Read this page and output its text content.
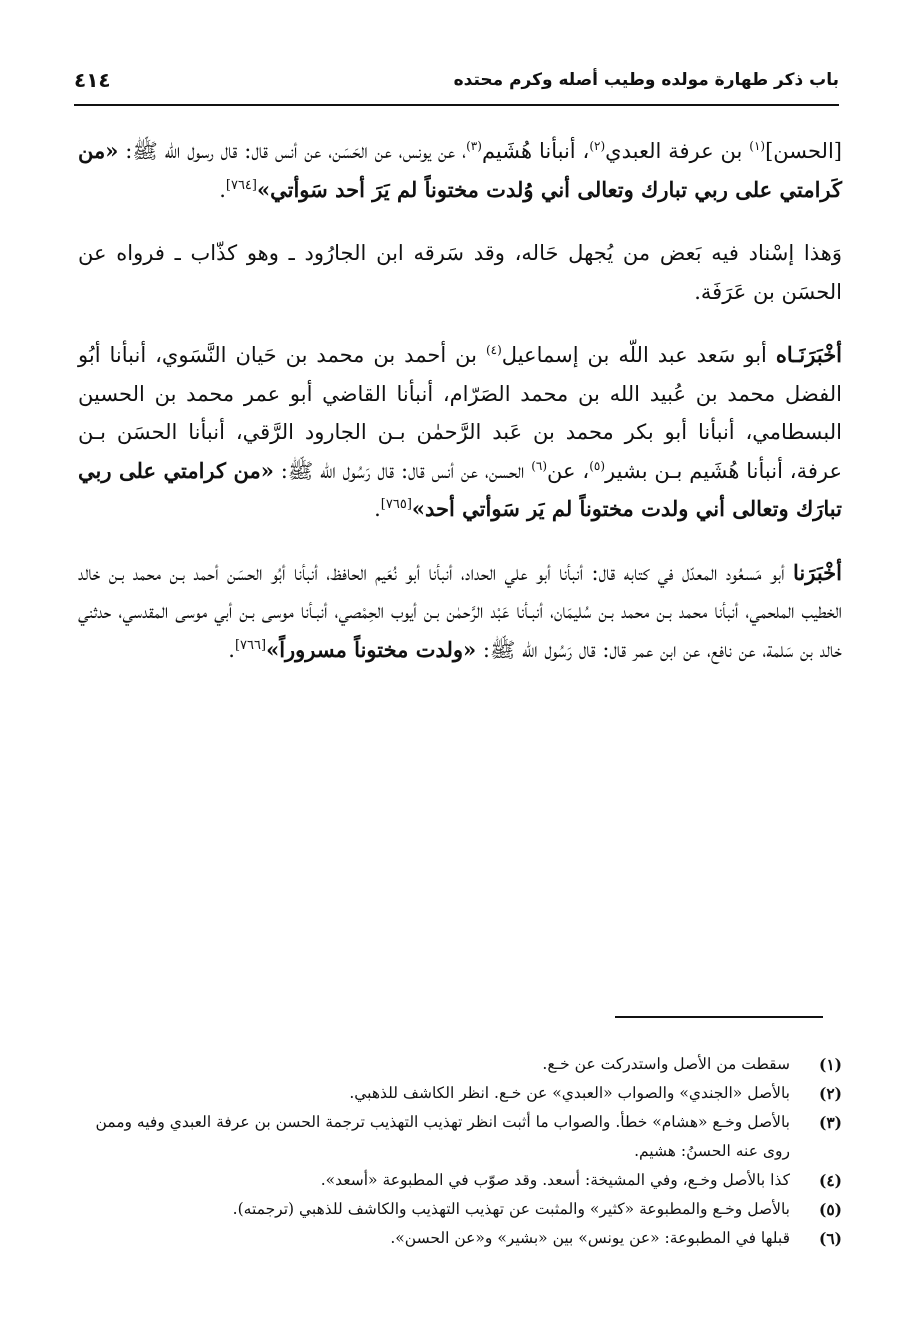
باب ذكر طهارة مولده وطيب أصله وكرم محتده
٤١٤

[الحسن]$^{(١)}$ بن عرفة العبدي$^{(٢)}$، أنبأنا هُشَيم$^{(٣)}$، عن يونس، عن الحَسَن، عن أنس قال: قال رسول الله ﷺ: «من كَرامتي على ربي تبارك وتعالى أني وُلدت مختوناً لم يَرَ أحد سَوأتي»[٧٦٤].

وَهذا إسْناد فيه بَعض من يُجهل حَاله، وقد سَرقه ابن الجارُود ـ وهو كذّاب ـ فرواه عن الحسَن بن عَرَفَة.

أخْبَرَنَـاه أبو سَعد عبد اللّه بن إسماعيل$^{(٤)}$ بن أحمد بن محمد بن حَيان النَّسَوي، أنبأنا أبُو الفضل محمد بن عُبيد الله بن محمد الصَرّام، أنبأنا القاضي أبو عمر محمد بن الحسين البسطامي، أنبأنا أبو بكر محمد بن عَبد الرَّحمٰن بـن الجارود الرَّقي، أنبأنا الحسَن بـن عرفة، أنبأنا هُشَيم بـن بشير$^{(٥)}$، عن$^{(٦)}$ الحسن، عن أنس قال: قال رَسُول الله ﷺ: «من كرامتي على ربي تبارَك وتعالى أني ولدت مختوناً لم يَر سَوأتي أحد»[٧٦٥].

أخْبَرَنا أبو مَسعُود المعدّل في كتابه قال: أنبأنا أبو علي الحداد، أنبأنا أبو نُعَيم الحافظ، أنبأنا أبُو الحسَن أحمد بـن محمد بـن خالد الخطيب الملحمي، أنبأنا محمد بـن محمد بـن سُليمَان، أنبـأنا عَبْد الرَّحمٰن بـن أيوب الحِمْصي، أنبـأنا موسى بـن أبي موسى المقدسي، حدثني خالد بن سَلمة، عن نافع، عن ابن عمر قال: قال رَسُول الله ﷺ: «ولدت مختوناً مسروراً»[٧٦٦].

(١)
سقطت من الأصل واستدركت عن خـع.
(٢)
بالأصل «الجندي» والصواب «العبدي» عن خـع. انظر الكاشف للذهبي.
(٣)
بالأصل وخـع «هشام» خطأ. والصواب ما أثبت انظر تهذيب التهذيب ترجمة الحسن بن عرفة العبدي وفيه وممن روى عنه الحسنُ: هشيم.
(٤)
كذا بالأصل وخـع، وفي المشيخة: أسعد. وقد صوّب في المطبوعة «أسعد».
(٥)
بالأصل وخـع والمطبوعة «كثير» والمثبت عن تهذيب التهذيب والكاشف للذهبي (ترجمته).
(٦)
قبلها في المطبوعة: «عن يونس» بين «بشير» و«عن الحسن».
